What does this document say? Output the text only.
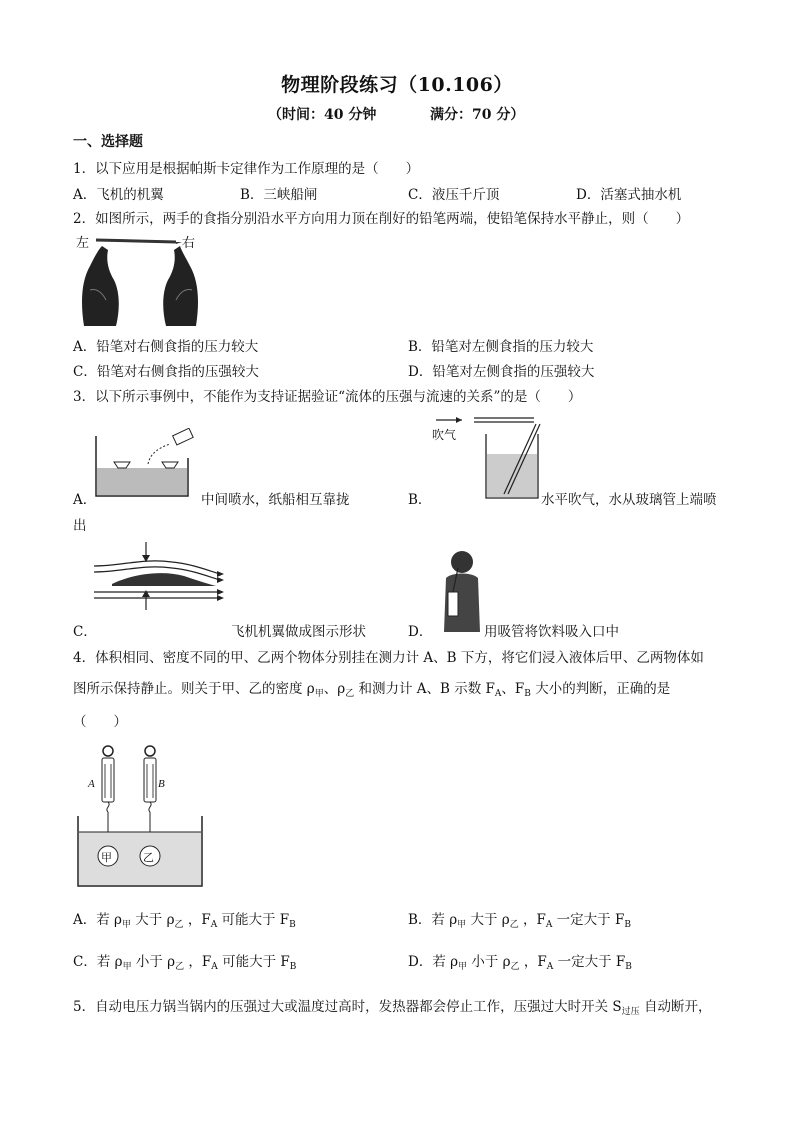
物理阶段练习（10.106）
（时间：40 分钟	满分：70 分）
一、选择题
1．以下应用是根据帕斯卡定律作为工作原理的是（　　）
A．飞机的机翼	B．三峡船闸	C．液压千斤顶	D．活塞式抽水机
2．如图所示，两手的食指分别沿水平方向用力顶在削好的铅笔两端，使铅笔保持水平静止，则（　　）
左	右
A．铅笔对右侧食指的压力较大	B．铅笔对左侧食指的压力较大
C．铅笔对右侧食指的压强较大	D．铅笔对左侧食指的压强较大
3．以下所示事例中，不能作为支持证据验证“流体的压强与流速的关系”的是（　　）
A．	中间喷水，纸船相互靠拢
吹气
B．	水平吹气，水从玻璃管上端喷
出
C．	飞机机翼做成图示形状	D．	用吸管将饮料吸入口中
4．体积相同、密度不同的甲、乙两个物体分别挂在测力计 A、B 下方，将它们浸入液体后甲、乙两物体如
图所示保持静止。则关于甲、乙的密度 $\rho_甲$、$\rho_乙$ 和测力计 A、B 示数 $F_A$、$F_B$ 大小的判断，正确的是
（　　）
A	B
甲	乙
A．若 $\rho_甲$ 大于 $\rho_乙$ ，$F_A$ 可能大于 $F_B$	B．若 $\rho_甲$ 大于 $\rho_乙$ ，$F_A$ 一定大于 $F_B$
C．若 $\rho_甲$ 小于 $\rho_乙$ ，$F_A$ 可能大于 $F_B$	D．若 $\rho_甲$ 小于 $\rho_乙$ ，$F_A$ 一定大于 $F_B$
5．自动电压力锅当锅内的压强过大或温度过高时，发热器都会停止工作，压强过大时开关 $S_{过压}$ 自动断开，
